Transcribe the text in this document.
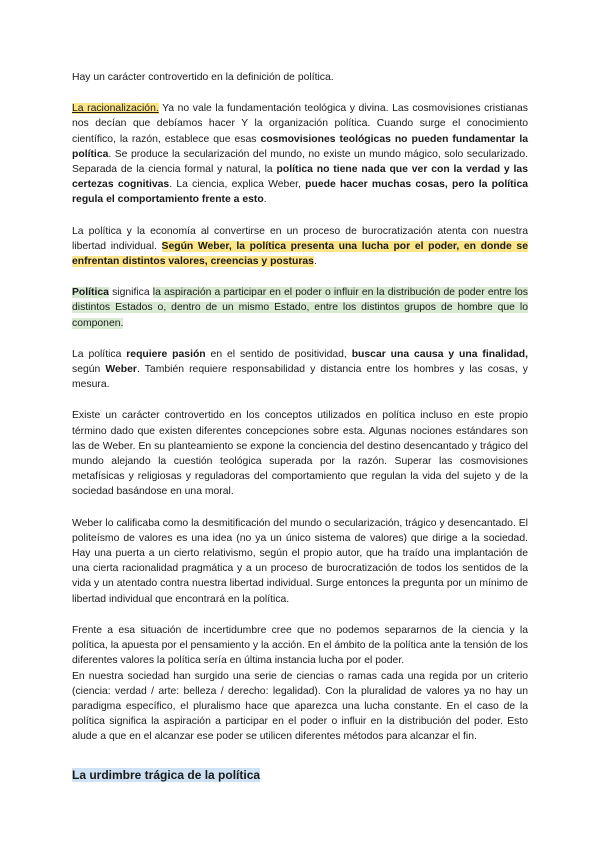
Hay un carácter controvertido en la definición de política.

La racionalización. Ya no vale la fundamentación teológica y divina. Las cosmovisiones cristianas nos decían que debíamos hacer Y la organización política. Cuando surge el conocimiento científico, la razón, establece que esas cosmovisiones teológicas no pueden fundamentar la política. Se produce la secularización del mundo, no existe un mundo mágico, solo secularizado. Separada de la ciencia formal y natural, la política no tiene nada que ver con la verdad y las certezas cognitivas. La ciencia, explica Weber, puede hacer muchas cosas, pero la política regula el comportamiento frente a esto.

La política y la economía al convertirse en un proceso de burocratización atenta con nuestra libertad individual. Según Weber, la política presenta una lucha por el poder, en donde se enfrentan distintos valores, creencias y posturas.

Política significa la aspiración a participar en el poder o influir en la distribución de poder entre los distintos Estados o, dentro de un mismo Estado, entre los distintos grupos de hombre que lo componen.

La política requiere pasión en el sentido de positividad, buscar una causa y una finalidad, según Weber. También requiere responsabilidad y distancia entre los hombres y las cosas, y mesura.

Existe un carácter controvertido en los conceptos utilizados en política incluso en este propio término dado que existen diferentes concepciones sobre esta. Algunas nociones estándares son las de Weber. En su planteamiento se expone la conciencia del destino desencantado y trágico del mundo alejando la cuestión teológica superada por la razón. Superar las cosmovisiones metafísicas y religiosas y reguladoras del comportamiento que regulan la vida del sujeto y de la sociedad basándose en una moral.

Weber lo calificaba como la desmitificación del mundo o secularización, trágico y desencantado. El politeísmo de valores es una idea (no ya un único sistema de valores) que dirige a la sociedad. Hay una puerta a un cierto relativismo, según el propio autor, que ha traído una implantación de una cierta racionalidad pragmática y a un proceso de burocratización de todos los sentidos de la vida y un atentado contra nuestra libertad individual. Surge entonces la pregunta por un mínimo de libertad individual que encontrará en la política.

Frente a esa situación de incertidumbre cree que no podemos separarnos de la ciencia y la política, la apuesta por el pensamiento y la acción. En el ámbito de la política ante la tensión de los diferentes valores la política sería en última instancia lucha por el poder.

En nuestra sociedad han surgido una serie de ciencias o ramas cada una regida por un criterio (ciencia: verdad / arte: belleza / derecho: legalidad). Con la pluralidad de valores ya no hay un paradigma específico, el pluralismo hace que aparezca una lucha constante. En el caso de la política significa la aspiración a participar en el poder o influir en la distribución del poder. Esto alude a que en el alcanzar ese poder se utilicen diferentes métodos para alcanzar el fin.

La urdimbre trágica de la política
